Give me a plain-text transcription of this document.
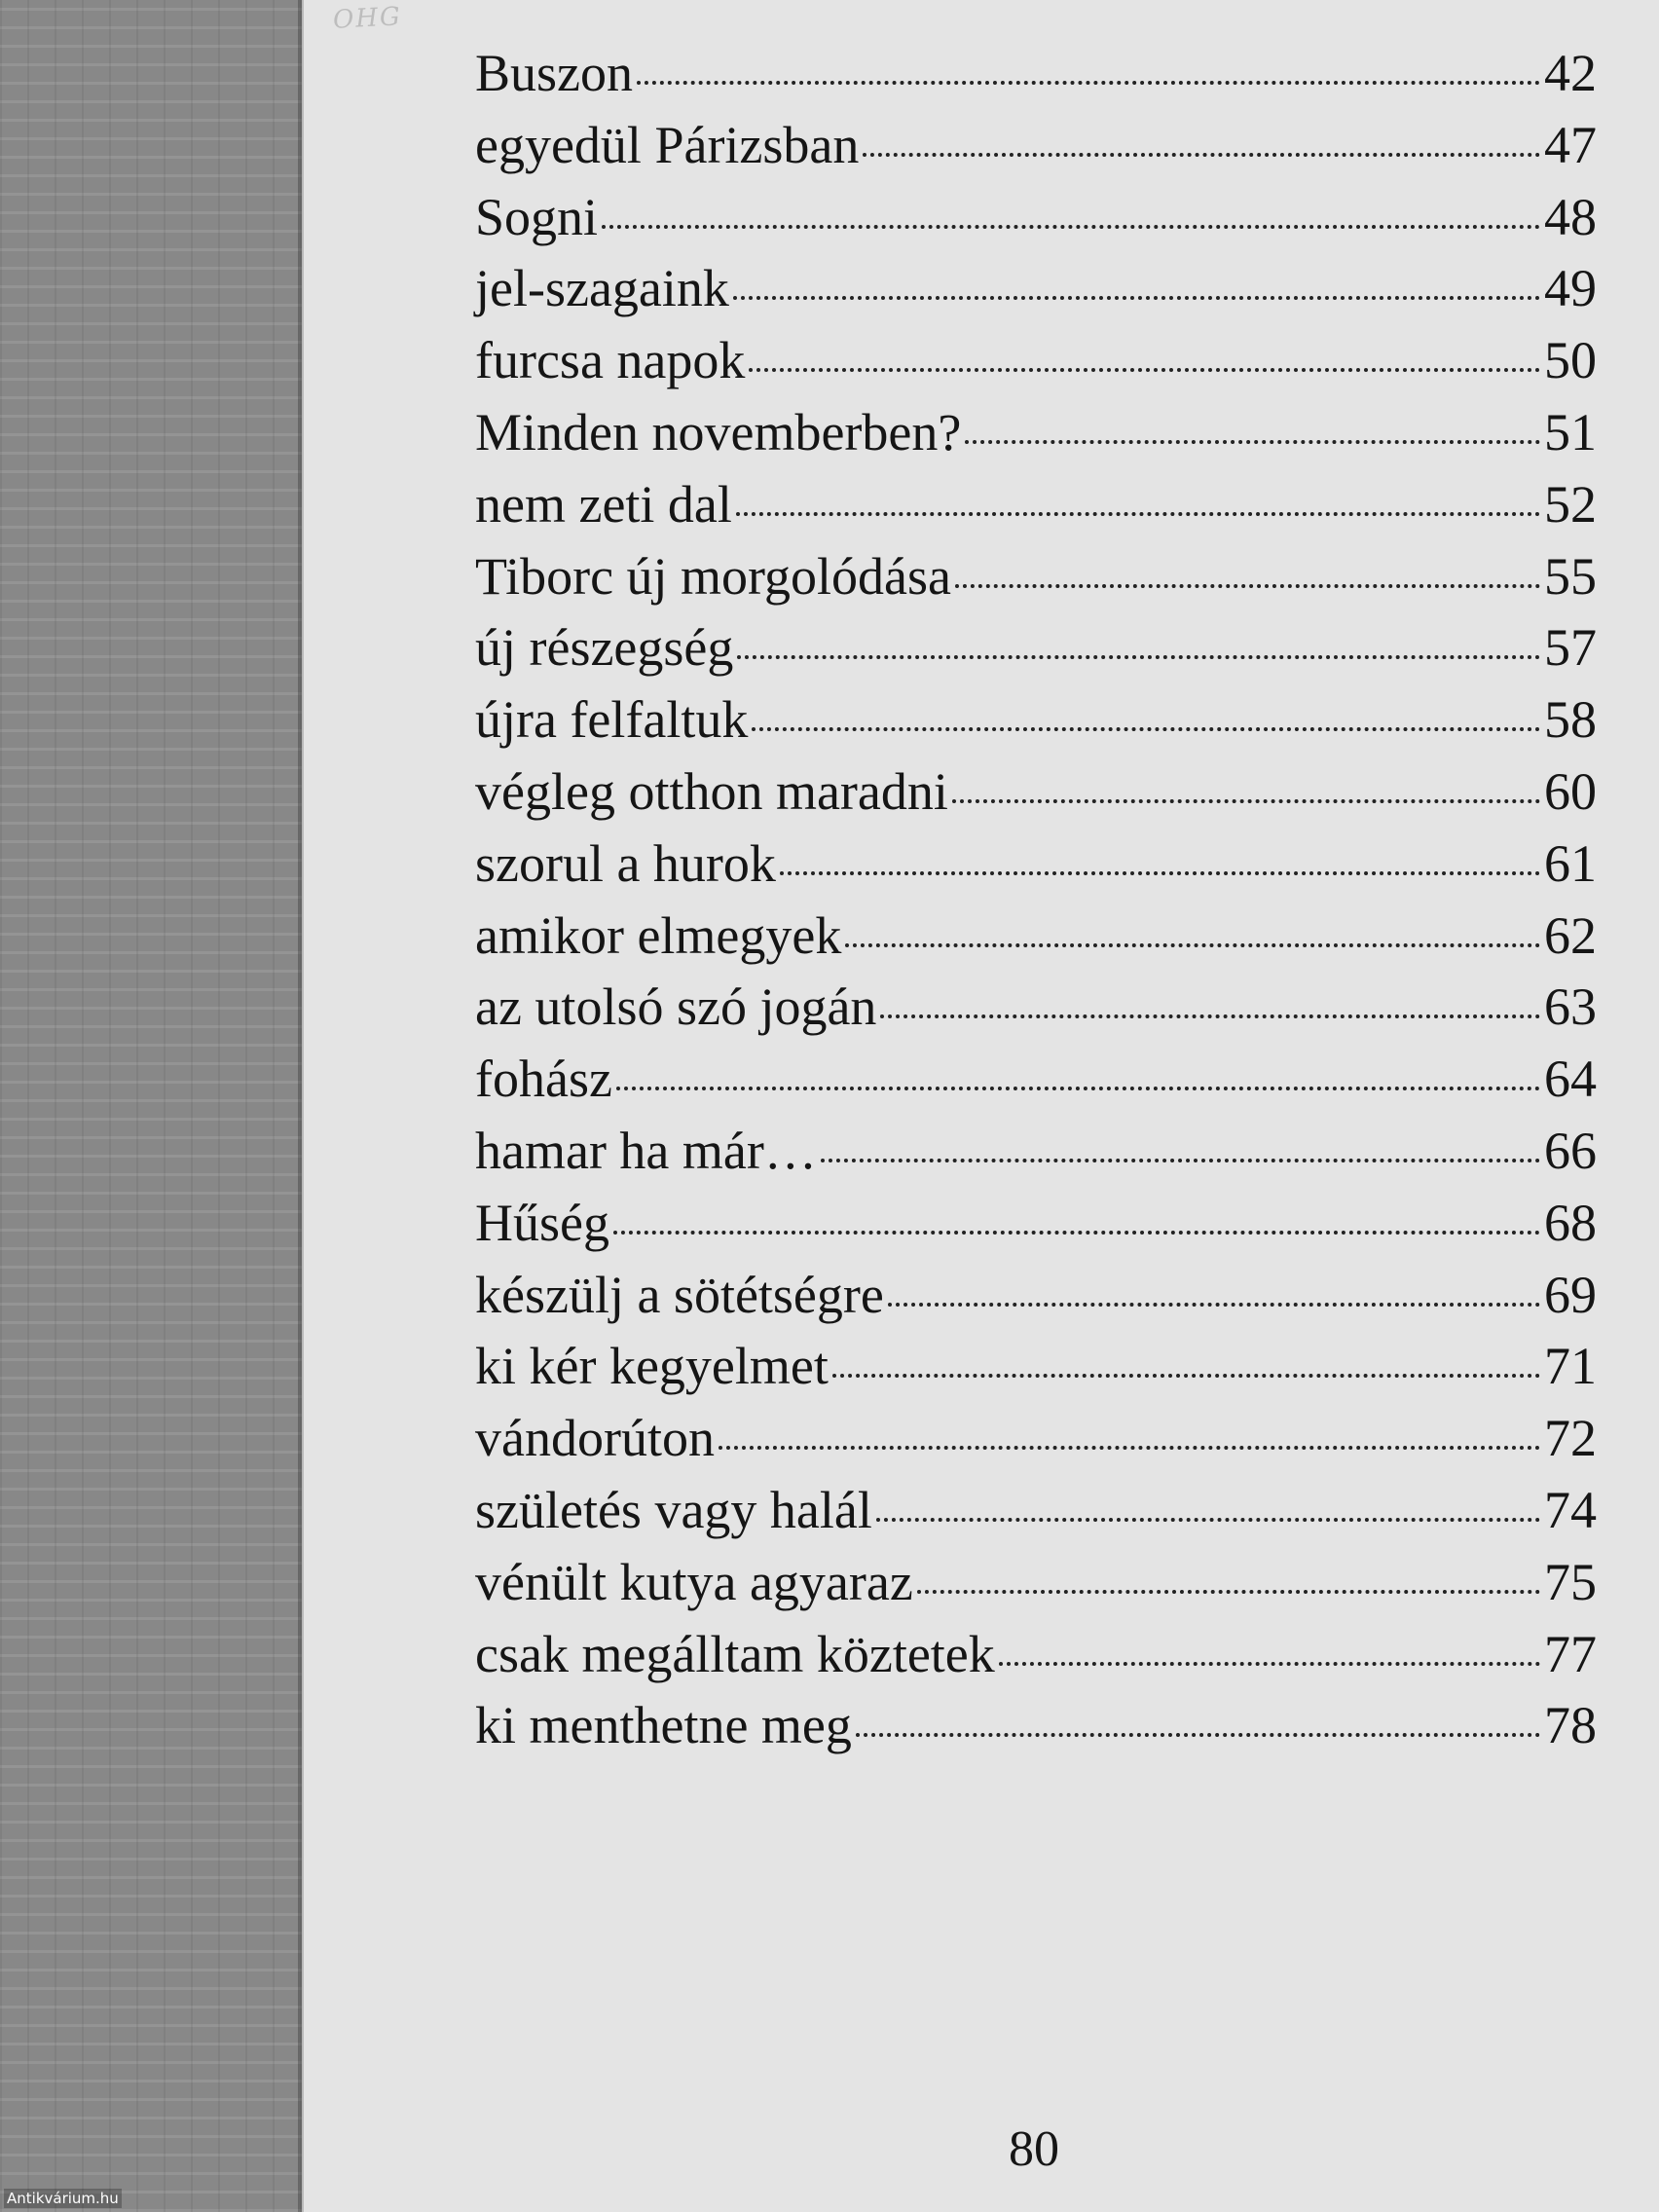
OHG
Buszon	42
egyedül Párizsban	47
Sogni	48
jel-szagaink	49
furcsa napok	50
Minden novemberben?	51
nem zeti dal	52
Tiborc új morgolódása	55
új részegség	57
újra felfaltuk	58
végleg otthon maradni	60
szorul a hurok	61
amikor elmegyek	62
az utolsó szó jogán	63
fohász	64
hamar ha már…	66
Hűség	68
készülj a sötétségre	69
ki kér kegyelmet	71
vándorúton	72
születés vagy halál	74
vénült kutya agyaraz	75
csak megálltam köztetek	77
ki menthetne meg	78
80
Antikvárium.hu
